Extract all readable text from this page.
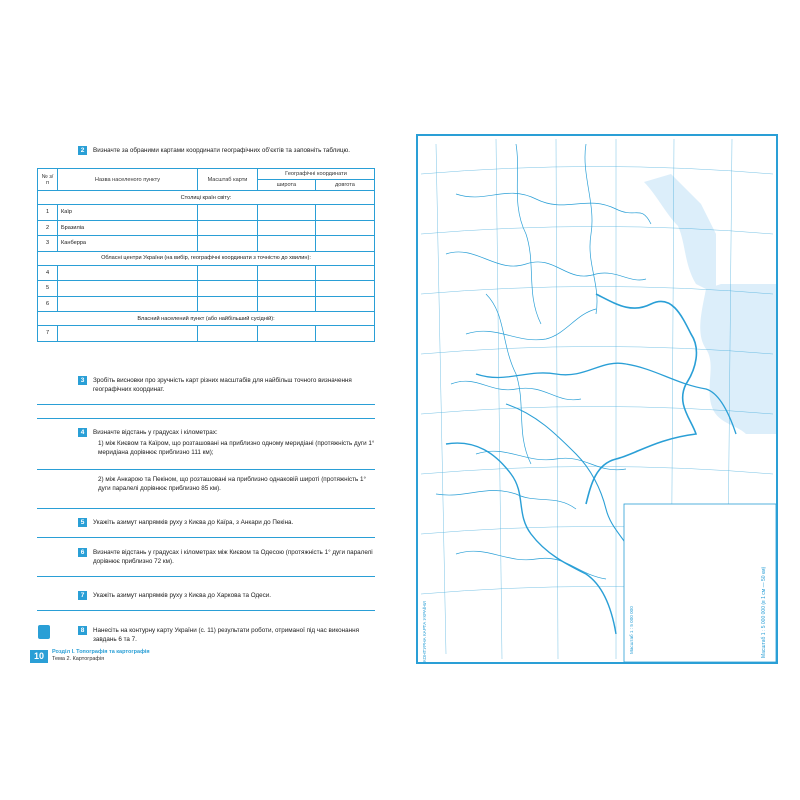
2	Визначте за обраними картами координати географічних об'єктів та заповніть таблицю.
№ з/п	Назва населеного пункту	Масштаб карти	Географічні координати	
			широта	довгота
Столиці країн світу:				
1	Каїр			
2	Бразиліа			
3	Канберра			
Обласні центри України (на вибір, географічні координати з точністю до хвилин):				
4				
5				
6				
Власний населений пункт (або найбільший сусідній):				
7				
3	Зробіть висновки про зручність карт різних масштабів для найбільш точного визначення географічних координат.
4	Визначте відстань у градусах і кілометрах:
1) між Києвом та Каїром, що розташовані на приблизно одному меридіані (протяжність дуги 1° меридіана дорівнює приблизно 111 км);
2) між Анкарою та Пекіном, що розташовані на приблизно однаковій широті (протяжність 1° дуги паралелі дорівнює приблизно 85 км).
5	Укажіть азимут напрямків руху з Києва до Каїра, з Анкари до Пекіна.
6	Визначте відстань у градусах і кілометрах між Києвом та Одесою (протяжність 1° дуги паралелі дорівнює приблизно 72 км).
7	Укажіть азимут напрямків руху з Києва до Харкова та Одеси.
8	Нанесіть на контурну карту України (с. 11) результати роботи, отриманої під час виконання завдань 6 та 7.
10	Розділ І. Топографія та картографія
Тема 2. Картографія	КОНТУРНА КАРТА УКРАЇНИ	Масштаб 1 : 5 000 000 (в 1 см — 50 км)
Масштаб 1 : 5 000 000
